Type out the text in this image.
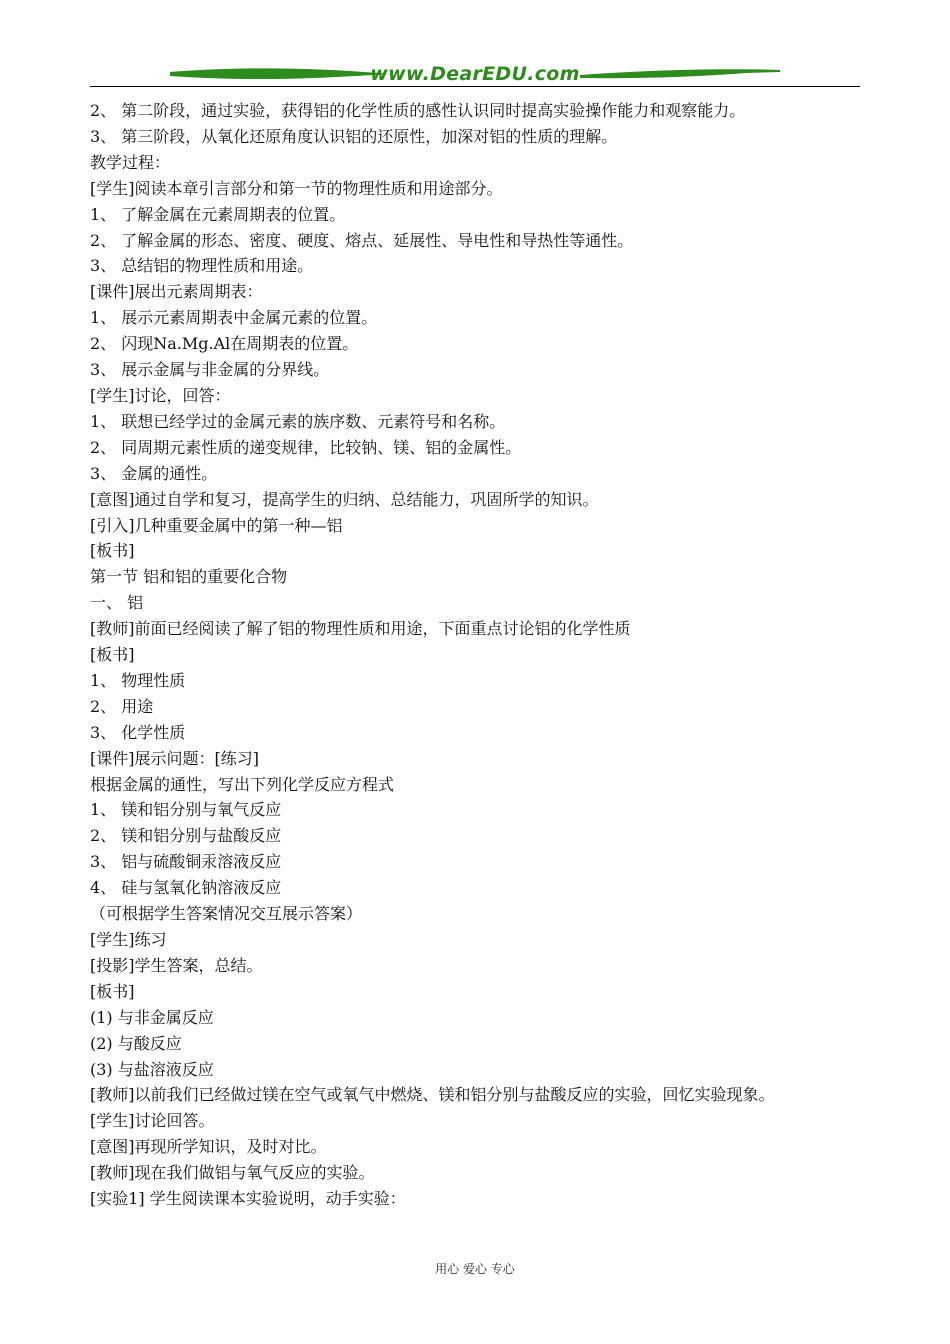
www.DearEDU.com
2、 第二阶段，通过实验，获得铝的化学性质的感性认识同时提高实验操作能力和观察能力。
3、 第三阶段，从氧化还原角度认识铝的还原性，加深对铝的性质的理解。
教学过程：
[学生]阅读本章引言部分和第一节的物理性质和用途部分。
1、 了解金属在元素周期表的位置。
2、 了解金属的形态、密度、硬度、熔点、延展性、导电性和导热性等通性。
3、 总结铝的物理性质和用途。
[课件]展出元素周期表：
1、 展示元素周期表中金属元素的位置。
2、 闪现Na.Mg.Al在周期表的位置。
3、 展示金属与非金属的分界线。
[学生]讨论，回答：
1、 联想已经学过的金属元素的族序数、元素符号和名称。
2、 同周期元素性质的递变规律，比较钠、镁、铝的金属性。
3、 金属的通性。
[意图]通过自学和复习，提高学生的归纳、总结能力，巩固所学的知识。
[引入]几种重要金属中的第一种—铝
[板书]
第一节 铝和铝的重要化合物
一、 铝
[教师]前面已经阅读了解了铝的物理性质和用途，下面重点讨论铝的化学性质
[板书]
1、 物理性质
2、 用途
3、 化学性质
[课件]展示问题：[练习]
根据金属的通性，写出下列化学反应方程式
1、 镁和铝分别与氧气反应
2、 镁和铝分别与盐酸反应
3、 铝与硫酸铜汞溶液反应
4、 硅与氢氧化钠溶液反应
（可根据学生答案情况交互展示答案）
[学生]练习
[投影]学生答案，总结。
[板书]
(1) 与非金属反应
(2) 与酸反应
(3) 与盐溶液反应
[教师]以前我们已经做过镁在空气或氧气中燃烧、镁和铝分别与盐酸反应的实验，回忆实验现象。
[学生]讨论回答。
[意图]再现所学知识，及时对比。
[教师]现在我们做铝与氧气反应的实验。
[实验1] 学生阅读课本实验说明，动手实验：
用心 爱心 专心
